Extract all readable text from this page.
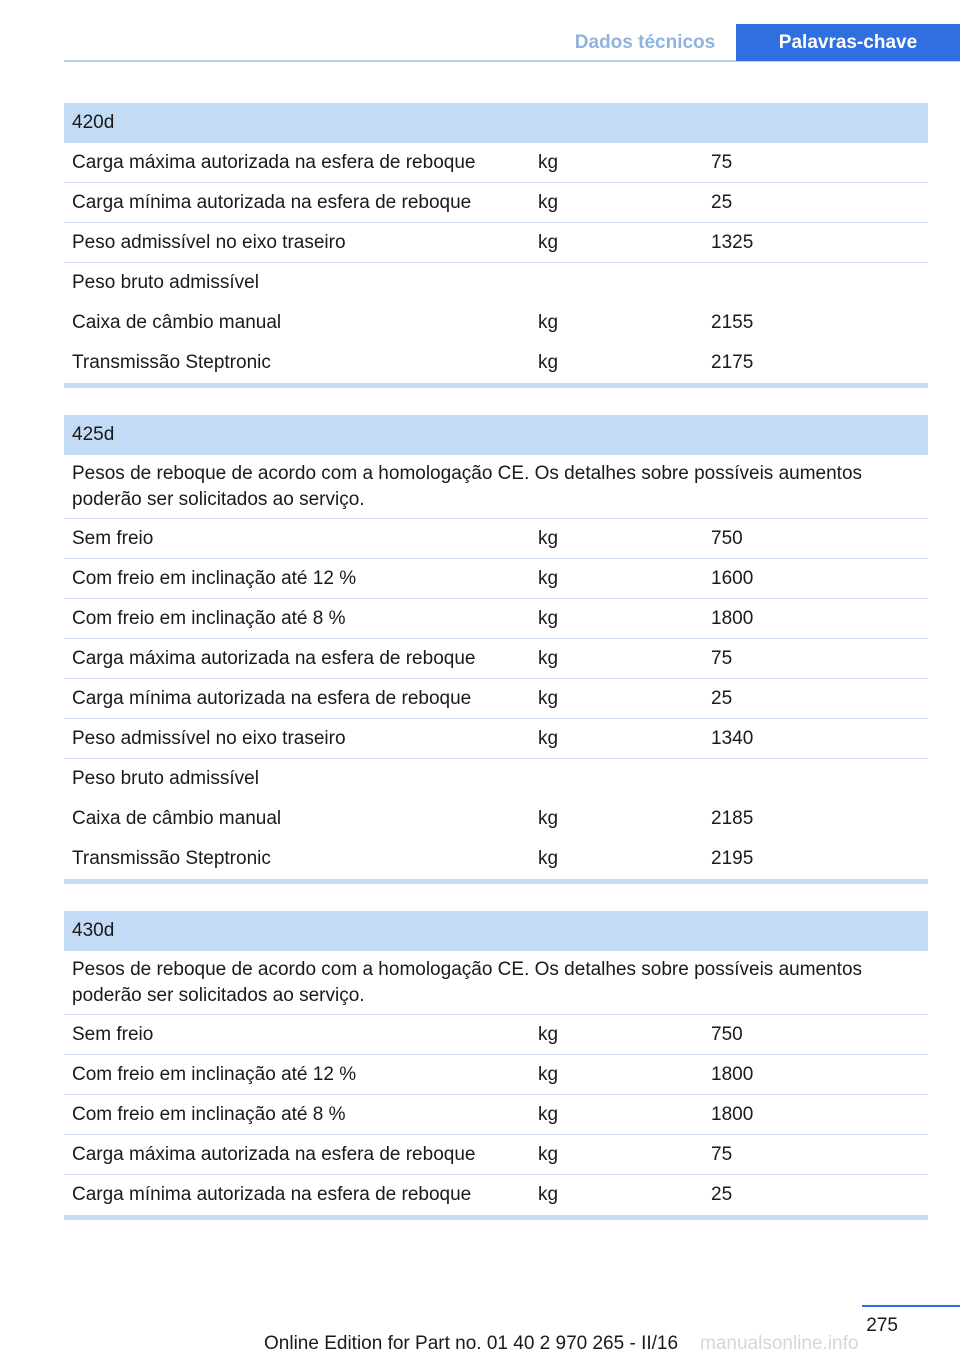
Dados técnicos	Palavras-chave
420d
Carga máxima autorizada na esfera de reboque	kg	75
Carga mínima autorizada na esfera de reboque	kg	25
Peso admissível no eixo traseiro	kg	1325
Peso bruto admissível
Caixa de câmbio manual	kg	2155
Transmissão Steptronic	kg	2175
425d
Pesos de reboque de acordo com a homologação CE. Os detalhes sobre possíveis aumentos poderão ser solicitados ao serviço.
Sem freio	kg	750
Com freio em inclinação até 12 %	kg	1600
Com freio em inclinação até 8 %	kg	1800
Carga máxima autorizada na esfera de reboque	kg	75
Carga mínima autorizada na esfera de reboque	kg	25
Peso admissível no eixo traseiro	kg	1340
Peso bruto admissível
Caixa de câmbio manual	kg	2185
Transmissão Steptronic	kg	2195
430d
Pesos de reboque de acordo com a homologação CE. Os detalhes sobre possíveis aumentos poderão ser solicitados ao serviço.
Sem freio	kg	750
Com freio em inclinação até 12 %	kg	1800
Com freio em inclinação até 8 %	kg	1800
Carga máxima autorizada na esfera de reboque	kg	75
Carga mínima autorizada na esfera de reboque	kg	25
275
Online Edition for Part no. 01 40 2 970 265 - II/16 manualsonline.info
